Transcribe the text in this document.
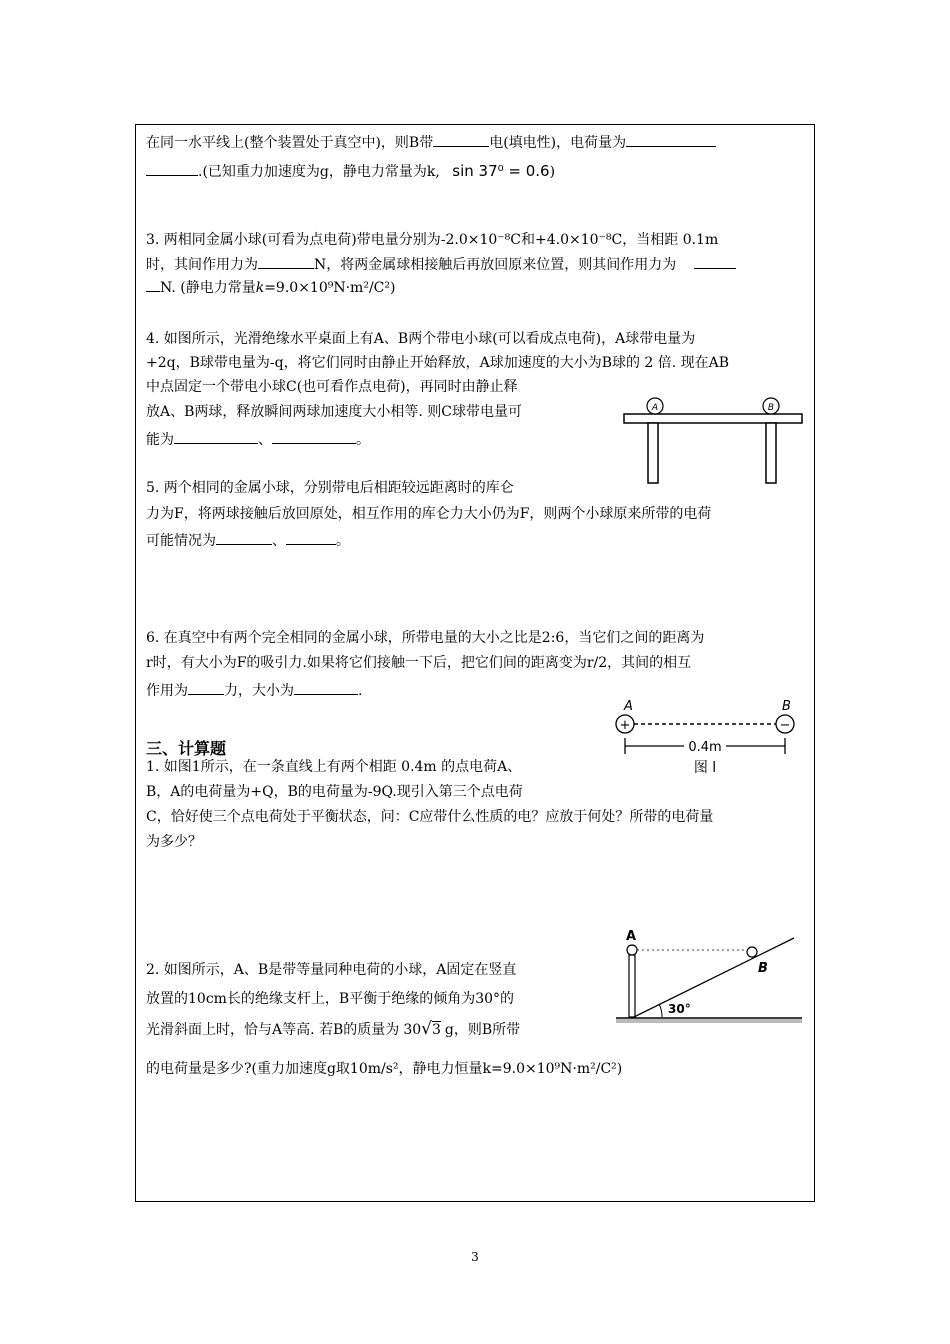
在同一水平线上(整个装置处于真空中)，则B带	电(填电性)，电荷量为
.(已知重力加速度为g，静电力常量为k, sin 37⁰ = 0.6)
3. 两相同金属小球(可看为点电荷)带电量分别为-2.0×10⁻⁸C和+4.0×10⁻⁸C，当相距 0.1m
时，其间作用力为	N，将两金属球相接触后再放回原来位置，则其间作用力为
N. (静电力常量k=9.0×10⁹N·m²/C²)
4. 如图所示，光滑绝缘水平桌面上有A、B两个带电小球(可以看成点电荷)，A球带电量为
+2q，B球带电量为-q，将它们同时由静止开始释放，A球加速度的大小为B球的 2 倍. 现在AB
中点固定一个带电小球C(也可看作点电荷)，再同时由静止释
放A、B两球，释放瞬间两球加速度大小相等. 则C球带电量可
能为	、	。
A	B
5. 两个相同的金属小球，分别带电后相距较远距离时的库仑
力为F，将两球接触后放回原处，相互作用的库仑力大小仍为F，则两个小球原来所带的电荷
可能情况为	、	。
6. 在真空中有两个完全相同的金属小球，所带电量的大小之比是2:6，当它们之间的距离为
r时，有大小为F的吸引力.如果将它们接触一下后，把它们间的距离变为r/2，其间的相互
作用为	力，大小为	.
三、计算题
1. 如图1所示，在一条直线上有两个相距 0.4m 的点电荷A、
B，A的电荷量为+Q，B的电荷量为-9Q.现引入第三个点电荷
C，恰好使三个点电荷处于平衡状态，问：C应带什么性质的电？应放于何处？所带的电荷量
为多少？
A	B
+	−
0.4m
图 l
2. 如图所示，A、B是带等量同种电荷的小球，A固定在竖直
放置的10cm长的绝缘支杆上，B平衡于绝缘的倾角为30°的
光滑斜面上时，恰与A等高. 若B的质量为 30√3 g，则B所带
的电荷量是多少?(重力加速度g取10m/s²，静电力恒量k=9.0×10⁹N·m²/C²)
A
B
30°
3
